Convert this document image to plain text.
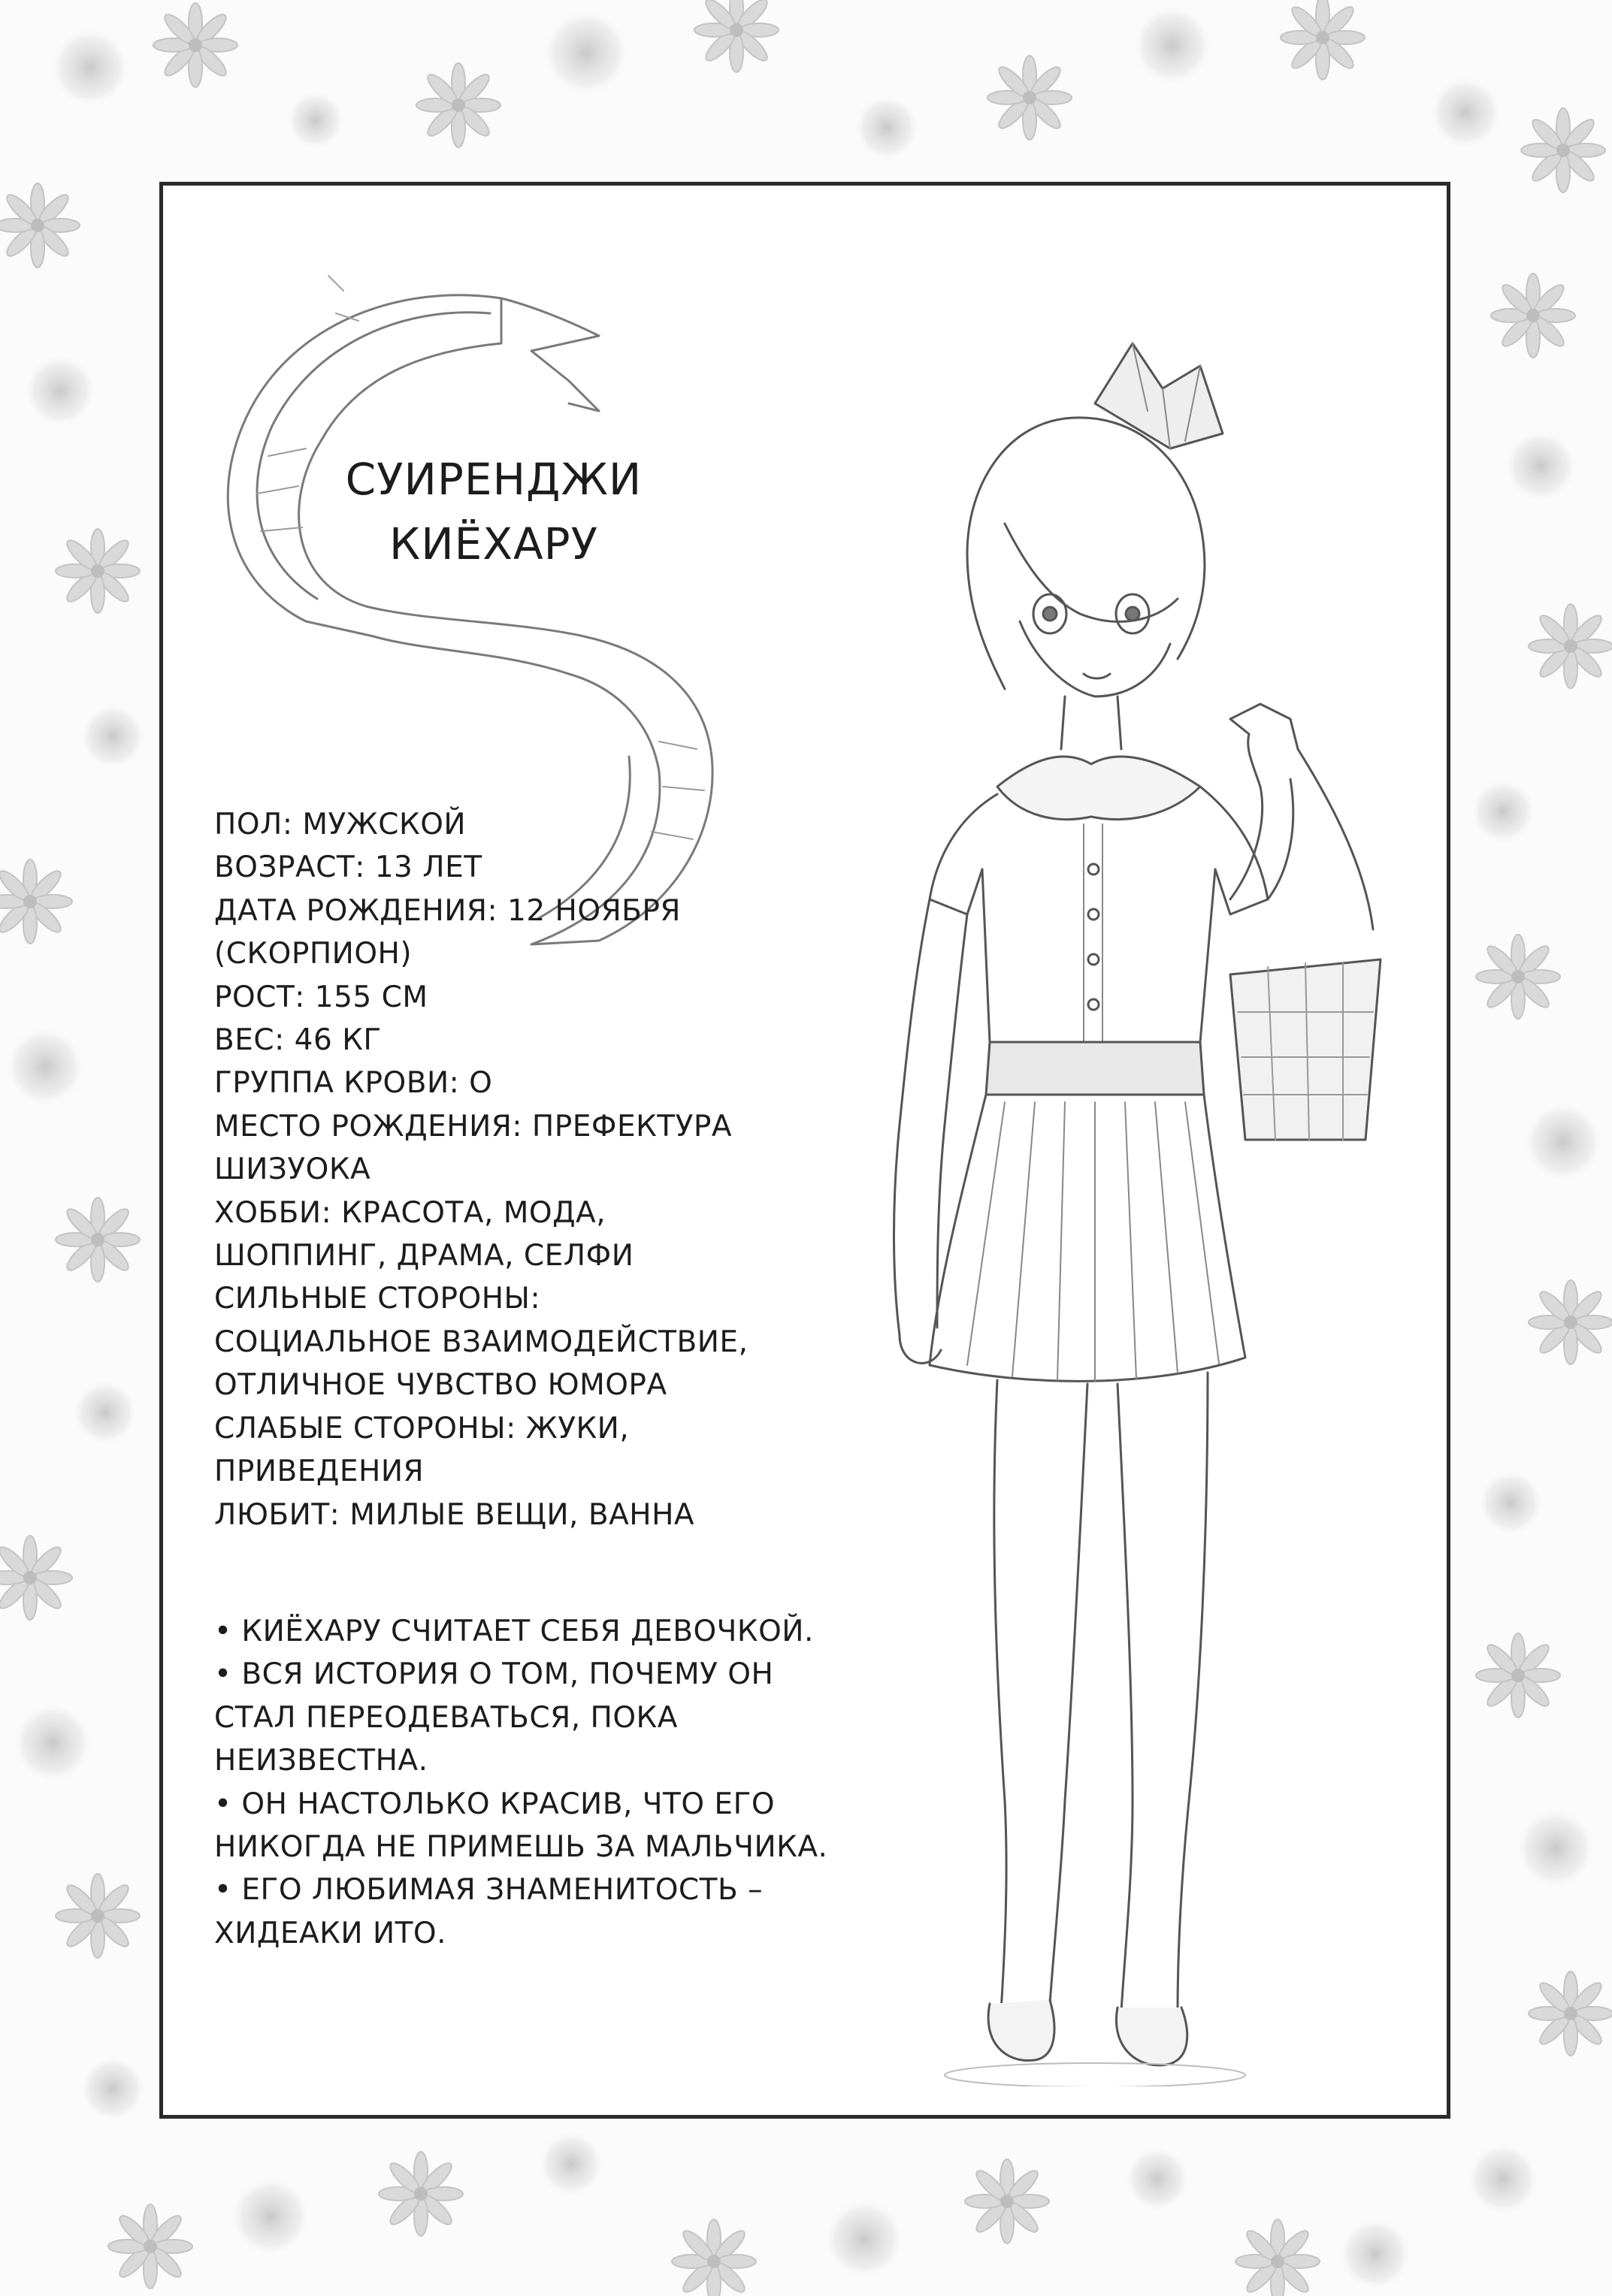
СУИРЕНДЖИ
КИЁХАРУ
ПОЛ: МУЖСКОЙ
ВОЗРАСТ: 13 ЛЕТ
ДАТА РОЖДЕНИЯ: 12 НОЯБРЯ
(СКОРПИОН)
РОСТ: 155 СМ
ВЕС: 46 КГ
ГРУППА КРОВИ: О
МЕСТО РОЖДЕНИЯ: ПРЕФЕКТУРА
ШИЗУОКА
ХОББИ: КРАСОТА, МОДА,
ШОППИНГ, ДРАМА, СЕЛФИ
СИЛЬНЫЕ СТОРОНЫ:
СОЦИАЛЬНОЕ ВЗАИМОДЕЙСТВИЕ,
ОТЛИЧНОЕ ЧУВСТВО ЮМОРА
СЛАБЫЕ СТОРОНЫ: ЖУКИ,
ПРИВЕДЕНИЯ
ЛЮБИТ: МИЛЫЕ ВЕЩИ, ВАННА
• КИЁХАРУ СЧИТАЕТ СЕБЯ ДЕВОЧКОЙ.
• ВСЯ ИСТОРИЯ О ТОМ, ПОЧЕМУ ОН
СТАЛ ПЕРЕОДЕВАТЬСЯ, ПОКА
НЕИЗВЕСТНА.
• ОН НАСТОЛЬКО КРАСИВ, ЧТО ЕГО
НИКОГДА НЕ ПРИМЕШЬ ЗА МАЛЬЧИКА.
• ЕГО ЛЮБИМАЯ ЗНАМЕНИТОСТЬ –
ХИДЕАКИ ИТО.
